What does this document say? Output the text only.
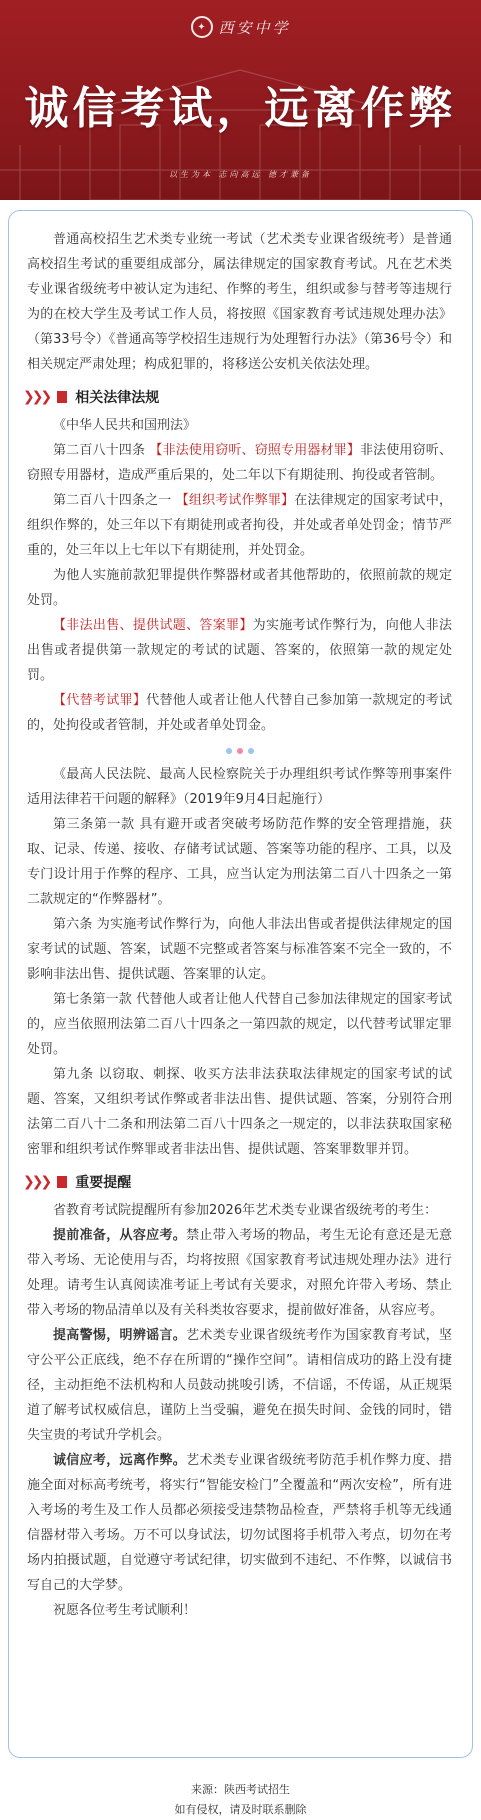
✦ 西安中学
诚信考试，远离作弊
以生为本 志向高远 德才兼备

普通高校招生艺术类专业统一考试（艺术类专业课省级统考）是普通高校招生考试的重要组成部分，属法律规定的国家教育考试。凡在艺术类专业课省级统考中被认定为违纪、作弊的考生，组织或参与替考等违规行为的在校大学生及考试工作人员，将按照《国家教育考试违规处理办法》（第33号令）《普通高等学校招生违规行为处理暂行办法》（第36号令）和相关规定严肃处理；构成犯罪的，将移送公安机关依法处理。

❯❯❯ 相关法律法规

《中华人民共和国刑法》

第二百八十四条 【非法使用窃听、窃照专用器材罪】非法使用窃听、窃照专用器材，造成严重后果的，处二年以下有期徒刑、拘役或者管制。

第二百八十四条之一 【组织考试作弊罪】在法律规定的国家考试中，组织作弊的，处三年以下有期徒刑或者拘役，并处或者单处罚金；情节严重的，处三年以上七年以下有期徒刑，并处罚金。

为他人实施前款犯罪提供作弊器材或者其他帮助的，依照前款的规定处罚。

【非法出售、提供试题、答案罪】为实施考试作弊行为，向他人非法出售或者提供第一款规定的考试的试题、答案的，依照第一款的规定处罚。

【代替考试罪】代替他人或者让他人代替自己参加第一款规定的考试的，处拘役或者管制，并处或者单处罚金。

《最高人民法院、最高人民检察院关于办理组织考试作弊等刑事案件适用法律若干问题的解释》（2019年9月4日起施行）

第三条第一款 具有避开或者突破考场防范作弊的安全管理措施，获取、记录、传递、接收、存储考试试题、答案等功能的程序、工具，以及专门设计用于作弊的程序、工具，应当认定为刑法第二百八十四条之一第二款规定的“作弊器材”。

第六条 为实施考试作弊行为，向他人非法出售或者提供法律规定的国家考试的试题、答案，试题不完整或者答案与标准答案不完全一致的，不影响非法出售、提供试题、答案罪的认定。

第七条第一款 代替他人或者让他人代替自己参加法律规定的国家考试的，应当依照刑法第二百八十四条之一第四款的规定，以代替考试罪定罪处罚。

第九条 以窃取、刺探、收买方法非法获取法律规定的国家考试的试题、答案，又组织考试作弊或者非法出售、提供试题、答案，分别符合刑法第二百八十二条和刑法第二百八十四条之一规定的，以非法获取国家秘密罪和组织考试作弊罪或者非法出售、提供试题、答案罪数罪并罚。

❯❯❯ 重要提醒

省教育考试院提醒所有参加2026年艺术类专业课省级统考的考生：

提前准备，从容应考。禁止带入考场的物品，考生无论有意还是无意带入考场、无论使用与否，均将按照《国家教育考试违规处理办法》进行处理。请考生认真阅读准考证上考试有关要求，对照允许带入考场、禁止带入考场的物品清单以及有关科类妆容要求，提前做好准备，从容应考。

提高警惕，明辨谣言。艺术类专业课省级统考作为国家教育考试，坚守公平公正底线，绝不存在所谓的“操作空间”。请相信成功的路上没有捷径，主动拒绝不法机构和人员鼓动挑唆引诱，不信谣，不传谣，从正规渠道了解考试权威信息，谨防上当受骗，避免在损失时间、金钱的同时，错失宝贵的考试升学机会。

诚信应考，远离作弊。艺术类专业课省级统考防范手机作弊力度、措施全面对标高考统考，将实行“智能安检门”全覆盖和“两次安检”，所有进入考场的考生及工作人员都必须接受违禁物品检查，严禁将手机等无线通信器材带入考场。万不可以身试法，切勿试图将手机带入考点，切勿在考场内拍摄试题，自觉遵守考试纪律，切实做到不违纪、不作弊，以诚信书写自己的大学梦。

祝愿各位考生考试顺利！

来源：陕西考试招生
如有侵权，请及时联系删除
